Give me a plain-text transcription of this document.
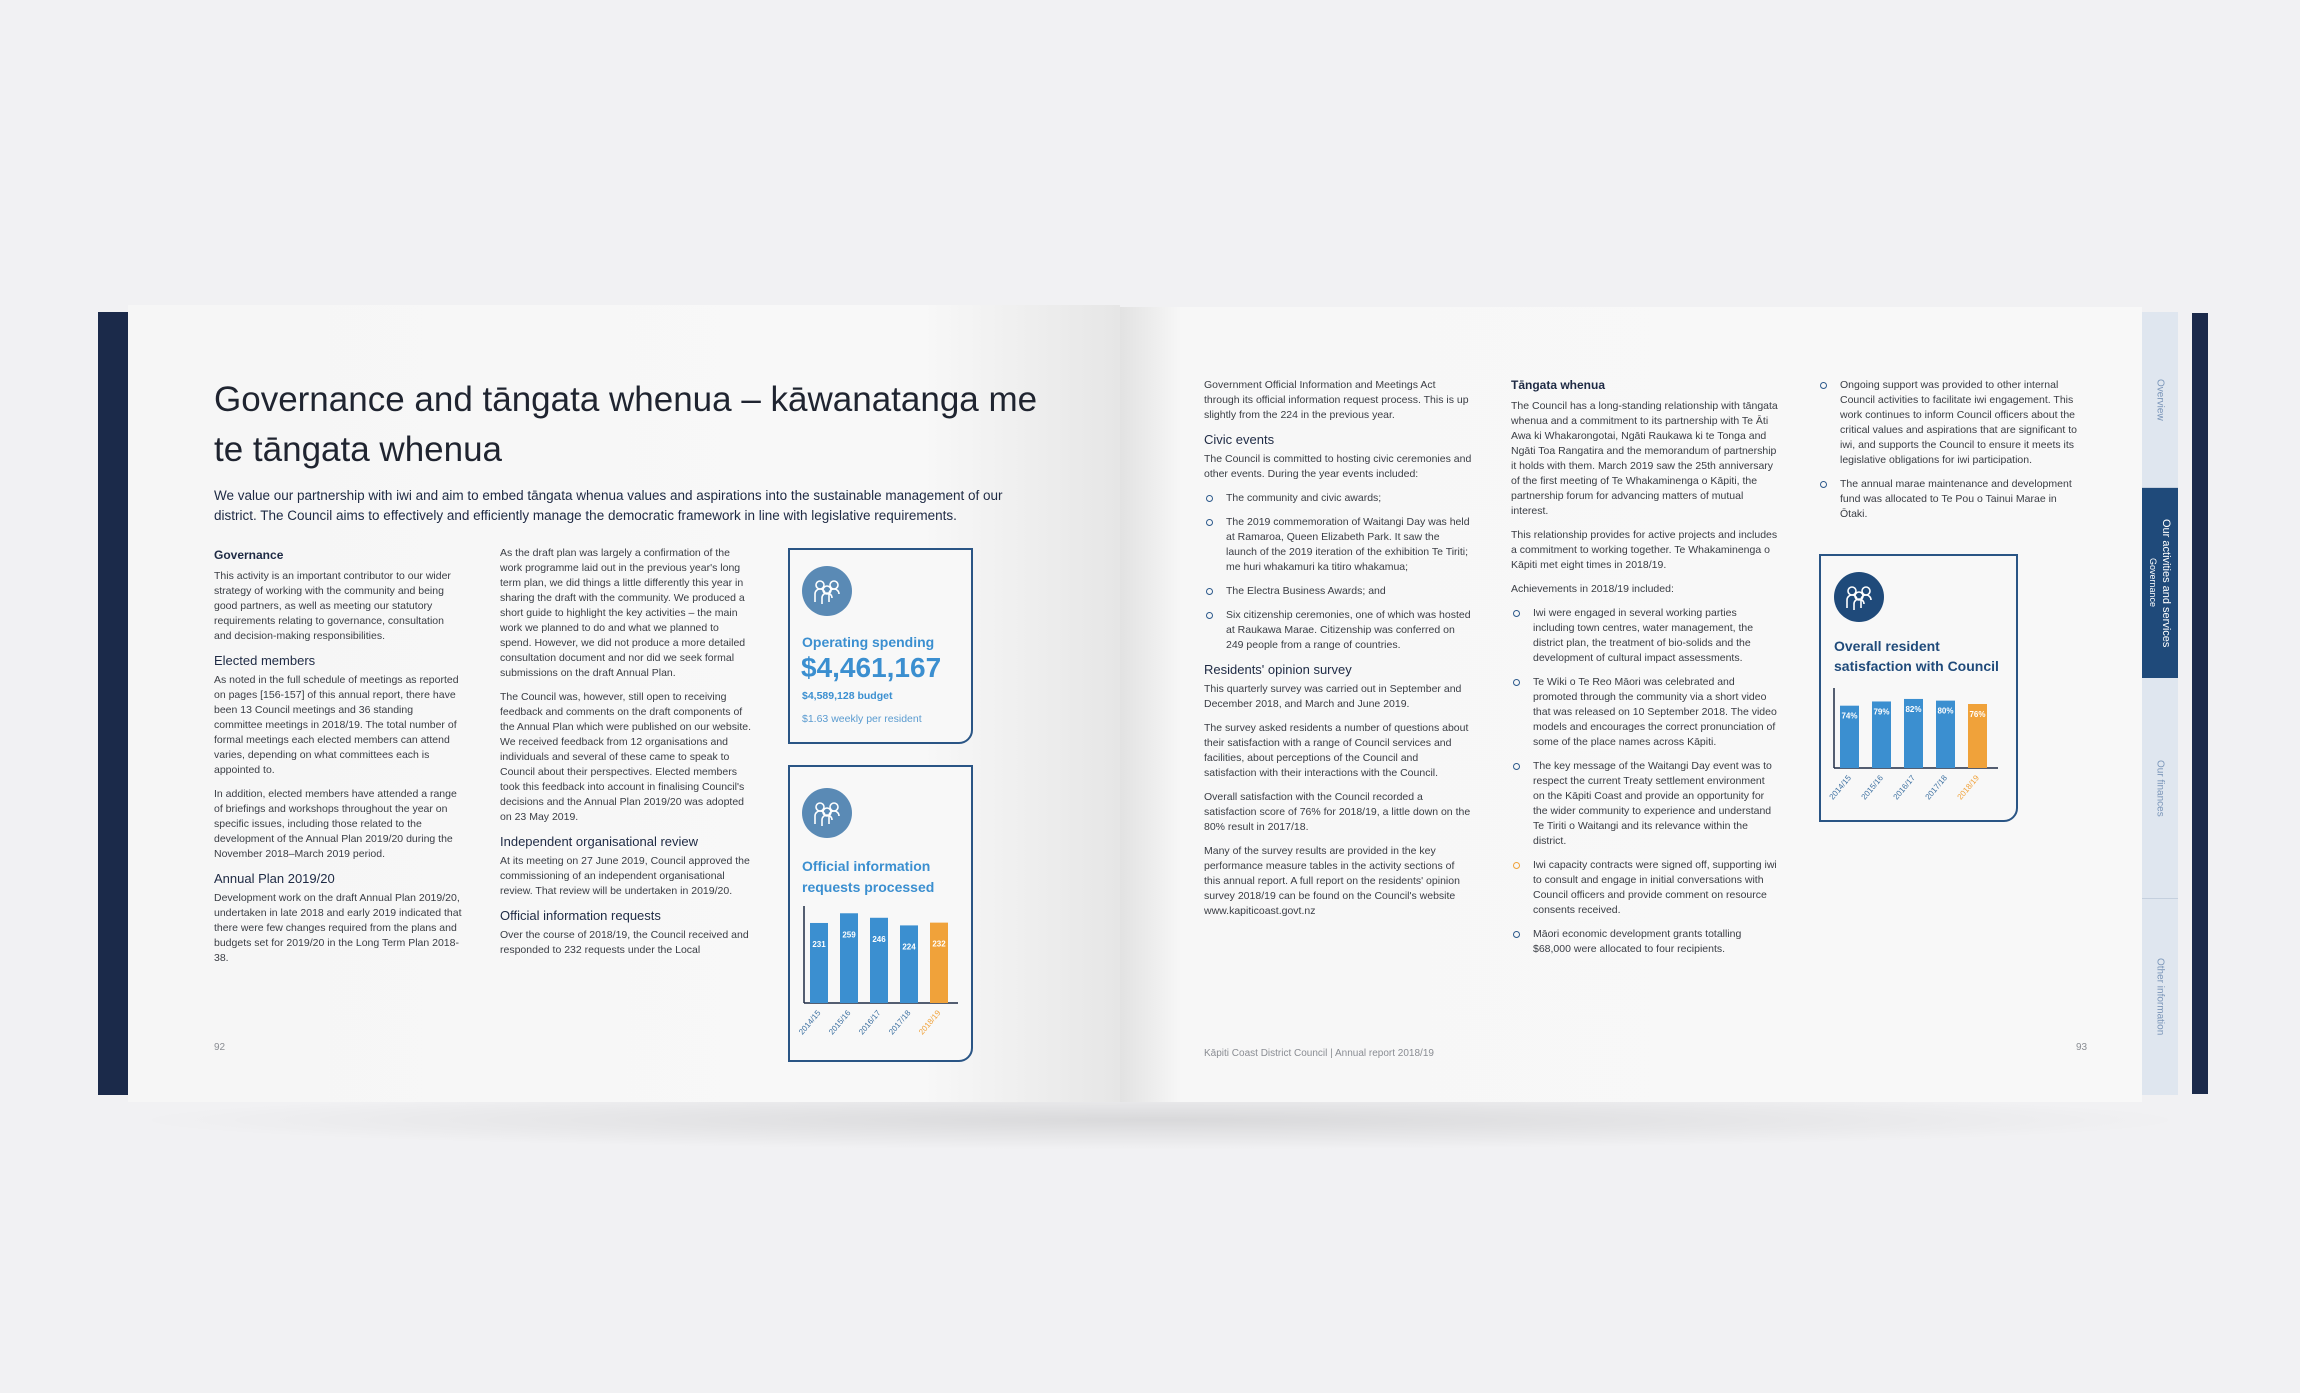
Governance and tāngata whenua – kāwanatanga me te tāngata whenua
We value our partnership with iwi and aim to embed tāngata whenua values and aspirations into the sustainable management of our district. The Council aims to effectively and efficiently manage the democratic framework in line with legislative requirements.
Governance

This activity is an important contributor to our wider strategy of working with the community and being good partners, as well as meeting our statutory requirements relating to governance, consultation and decision-making responsibilities.

Elected members

As noted in the full schedule of meetings as reported on pages [156-157] of this annual report, there have been 13 Council meetings and 36 standing committee meetings in 2018/19. The total number of formal meetings each elected members can attend varies, depending on what committees each is appointed to.

In addition, elected members have attended a range of briefings and workshops throughout the year on specific issues, including those related to the development of the Annual Plan 2019/20 during the November 2018–March 2019 period.

Annual Plan 2019/20

Development work on the draft Annual Plan 2019/20, undertaken in late 2018 and early 2019 indicated that there were few changes required from the plans and budgets set for 2019/20 in the Long Term Plan 2018-38.

As the draft plan was largely a confirmation of the work programme laid out in the previous year's long term plan, we did things a little differently this year in sharing the draft with the community. We produced a short guide to highlight the key activities – the main work we planned to do and what we planned to spend. However, we did not produce a more detailed consultation document and nor did we seek formal submissions on the draft Annual Plan.

The Council was, however, still open to receiving feedback and comments on the draft components of the Annual Plan which were published on our website. We received feedback from 12 organisations and individuals and several of these came to speak to Council about their perspectives. Elected members took this feedback into account in finalising Council's decisions and the Annual Plan 2019/20 was adopted on 23 May 2019.

Independent organisational review

At its meeting on 27 June 2019, Council approved the commissioning of an independent organisational review. That review will be undertaken in 2019/20.

Official information requests

Over the course of 2018/19, the Council received and responded to 232 requests under the Local

Operating spending
$4,461,167
$4,589,128 budget
$1.63 weekly per resident
Official information
requests processed
231
2014/15
259
2015/16
246
2016/17
224
2017/18
232
2018/19
92

Government Official Information and Meetings Act through its official information request process. This is up slightly from the 224 in the previous year.

Civic events

The Council is committed to hosting civic ceremonies and other events. During the year events included:

The community and civic awards;
The 2019 commemoration of Waitangi Day was held at Ramaroa, Queen Elizabeth Park. It saw the launch of the 2019 iteration of the exhibition Te Tiriti; me huri whakamuri ka titiro whakamua;
The Electra Business Awards; and
Six citizenship ceremonies, one of which was hosted at Raukawa Marae. Citizenship was conferred on 249 people from a range of countries.
Residents' opinion survey

This quarterly survey was carried out in September and December 2018, and March and June 2019.

The survey asked residents a number of questions about their satisfaction with a range of Council services and facilities, about perceptions of the Council and satisfaction with their interactions with the Council.

Overall satisfaction with the Council recorded a satisfaction score of 76% for 2018/19, a little down on the 80% result in 2017/18.

Many of the survey results are provided in the key performance measure tables in the activity sections of this annual report. A full report on the residents' opinion survey 2018/19 can be found on the Council's website www.kapiticoast.govt.nz

Tāngata whenua

The Council has a long-standing relationship with tāngata whenua and a commitment to its partnership with Te Āti Awa ki Whakarongotai, Ngāti Raukawa ki te Tonga and Ngāti Toa Rangatira and the memorandum of partnership it holds with them. March 2019 saw the 25th anniversary of the first meeting of Te Whakaminenga o Kāpiti, the partnership forum for advancing matters of mutual interest.

This relationship provides for active projects and includes a commitment to working together. Te Whakaminenga o Kāpiti met eight times in 2018/19.

Achievements in 2018/19 included:

Iwi were engaged in several working parties including town centres, water management, the district plan, the treatment of bio-solids and the development of cultural impact assessments.
Te Wiki o Te Reo Māori was celebrated and promoted through the community via a short video that was released on 10 September 2018. The video models and encourages the correct pronunciation of some of the place names across Kāpiti.
The key message of the Waitangi Day event was to respect the current Treaty settlement environment on the Kāpiti Coast and provide an opportunity for the wider community to experience and understand Te Tiriti o Waitangi and its relevance within the district.
Iwi capacity contracts were signed off, supporting iwi to consult and engage in initial conversations with Council officers and provide comment on resource consents received.
Māori economic development grants totalling $68,000 were allocated to four recipients.
Ongoing support was provided to other internal Council activities to facilitate iwi engagement. This work continues to inform Council officers about the critical values and aspirations that are significant to iwi, and supports the Council to ensure it meets its legislative obligations for iwi participation.
The annual marae maintenance and development fund was allocated to Te Pou o Tainui Marae in Ōtaki.
Overall resident
satisfaction with Council
74%
2014/15
79%
2015/16
82%
2016/17
80%
2017/18
76%
2018/19
Kāpiti Coast District Council | Annual report 2018/19
93
Overview
Our activities and services
Governance
Our finances
Other information
